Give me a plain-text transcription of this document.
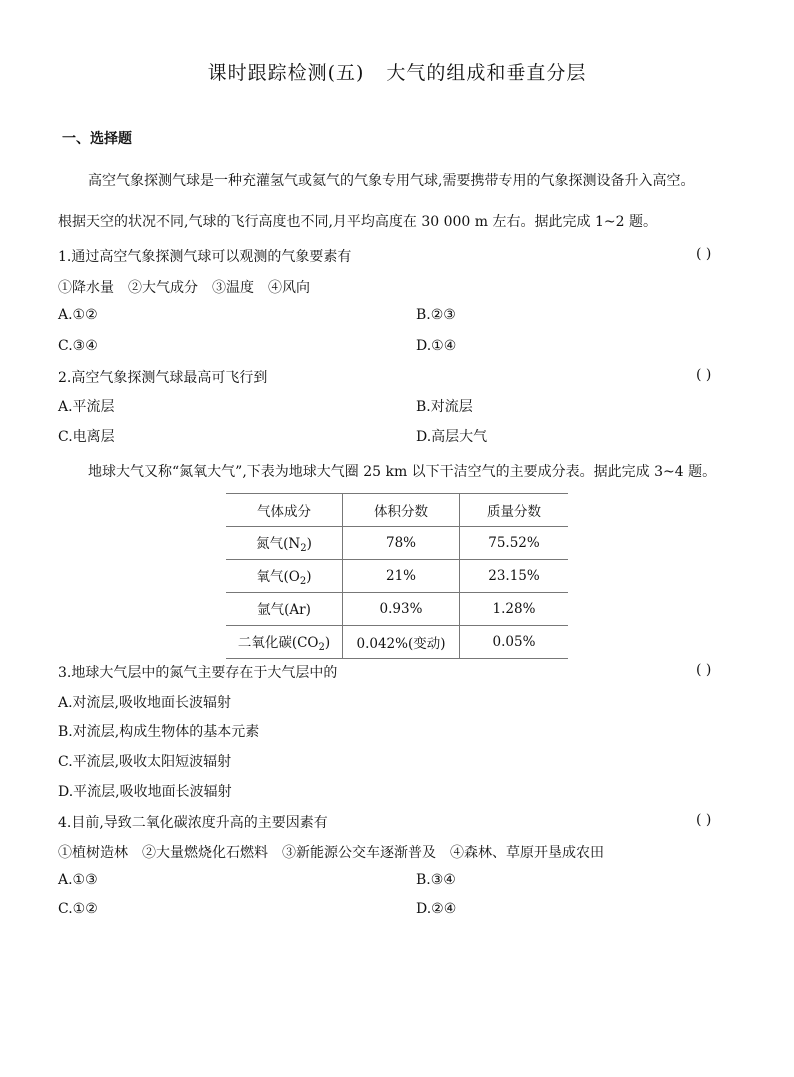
课时跟踪检测(五) 大气的组成和垂直分层
一、选择题
高空气象探测气球是一种充灌氢气或氦气的气象专用气球,需要携带专用的气象探测设备升入高空。
根据天空的状况不同,气球的飞行高度也不同,月平均高度在 30 000 m 左右。据此完成 1~2 题。
1.通过高空气象探测气球可以观测的气象要素有	( )
①降水量 ②大气成分 ③温度 ④风向
A.①②	B.②③
C.③④	D.①④
2.高空气象探测气球最高可飞行到	( )
A.平流层	B.对流层
C.电离层	D.高层大气
地球大气又称“氮氧大气”,下表为地球大气圈 25 km 以下干洁空气的主要成分表。据此完成 3~4 题。
气体成分	体积分数	质量分数
氮气$(N_2)$	78%	75.52%
氧气$(O_2)$	21%	23.15%
氩气(Ar)	0.93%	1.28%
二氧化碳$(CO_2)$	0.042%(变动)	0.05%
3.地球大气层中的氮气主要存在于大气层中的	( )
A.对流层,吸收地面长波辐射
B.对流层,构成生物体的基本元素
C.平流层,吸收太阳短波辐射
D.平流层,吸收地面长波辐射
4.目前,导致二氧化碳浓度升高的主要因素有	( )
①植树造林 ②大量燃烧化石燃料 ③新能源公交车逐渐普及 ④森林、草原开垦成农田
A.①③	B.③④
C.①②	D.②④
